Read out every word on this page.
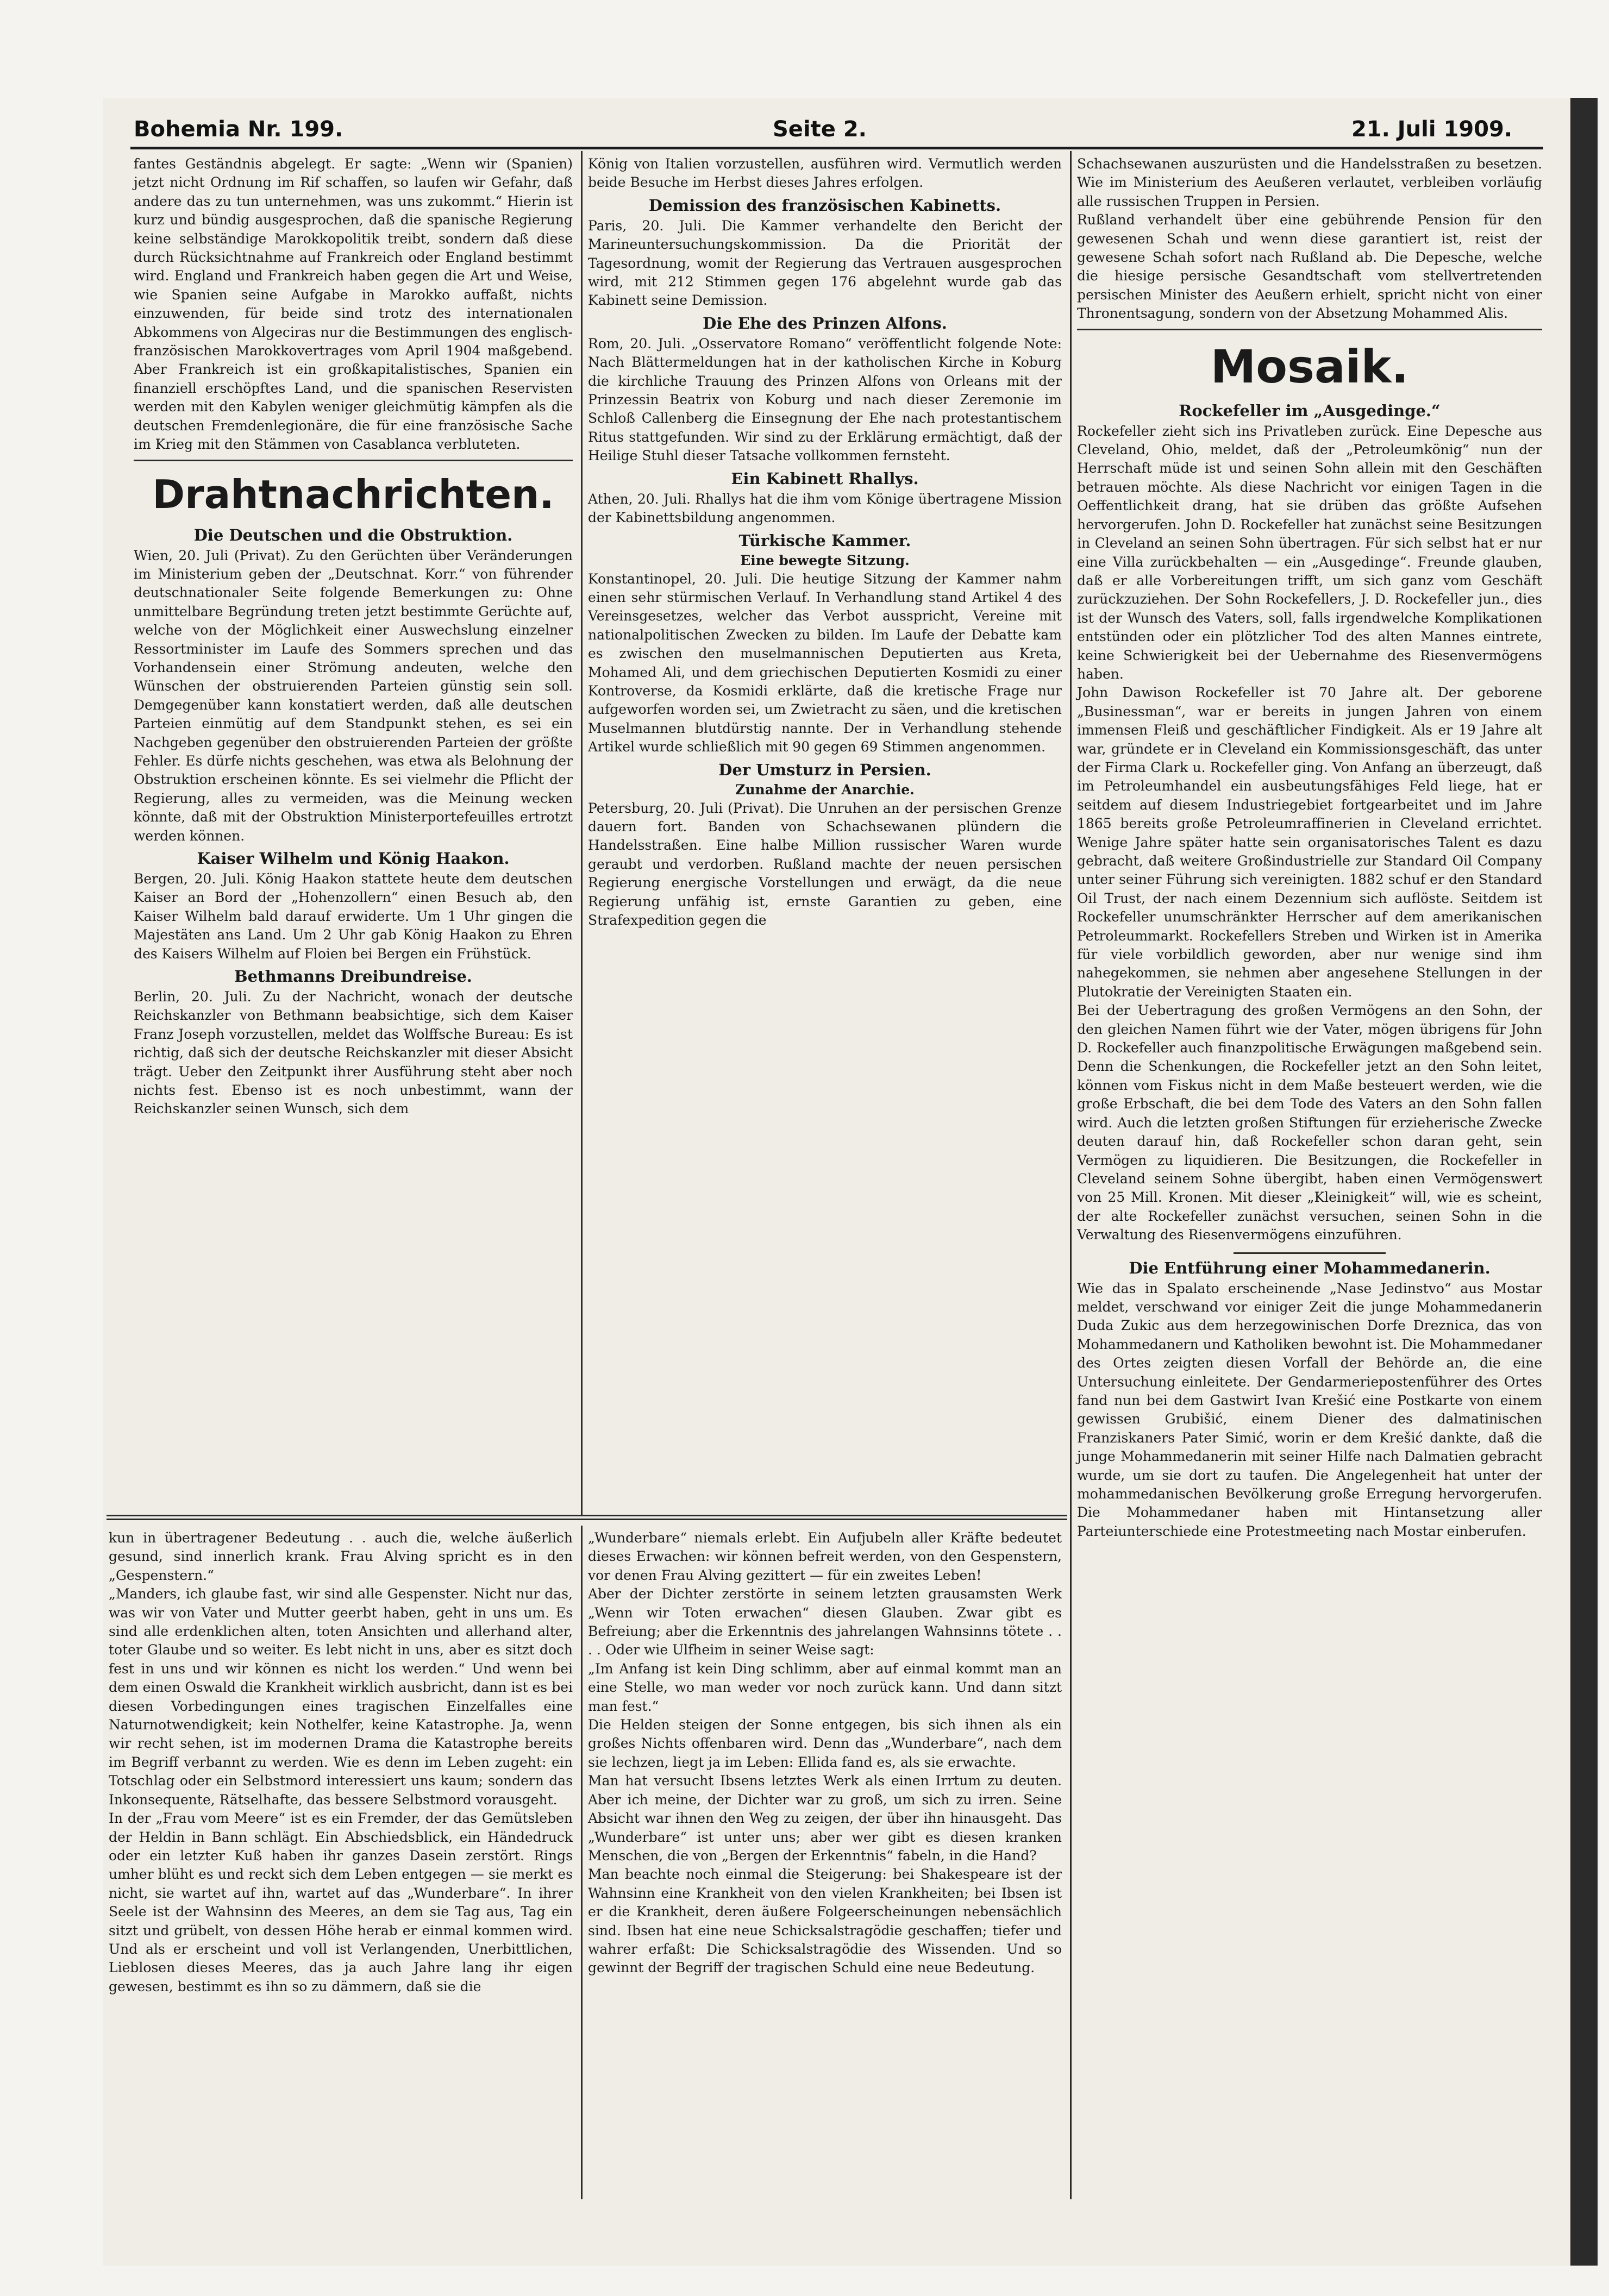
Bohemia Nr. 199.	Seite 2.	21. Juli 1909.

fantes Geständnis abgelegt. Er sagte: „Wenn wir (Spanien) jetzt nicht Ordnung im Rif schaffen, so laufen wir Gefahr, daß andere das zu tun unternehmen, was uns zukommt.“ Hierin ist kurz und bündig ausgesprochen, daß die spanische Regierung keine selbständige Marokkopolitik treibt, sondern daß diese durch Rücksichtnahme auf Frankreich oder England bestimmt wird. England und Frankreich haben gegen die Art und Weise, wie Spanien seine Aufgabe in Marokko auffaßt, nichts einzuwenden, für beide sind trotz des internationalen Abkommens von Algeciras nur die Bestimmungen des englisch-französischen Marokkovertrages vom April 1904 maßgebend. Aber Frankreich ist ein großkapitalistisches, Spanien ein finanziell erschöpftes Land, und die spanischen Reservisten werden mit den Kabylen weniger gleichmütig kämpfen als die deutschen Fremdenlegionäre, die für eine französische Sache im Krieg mit den Stämmen von Casablanca verbluteten.

Drahtnachrichten.
Die Deutschen und die Obstruktion.

Wien, 20. Juli (Privat). Zu den Gerüchten über Veränderungen im Ministerium geben der „Deutschnat. Korr.“ von führender deutschnationaler Seite folgende Bemerkungen zu: Ohne unmittelbare Begründung treten jetzt bestimmte Gerüchte auf, welche von der Möglichkeit einer Auswechslung einzelner Ressortminister im Laufe des Sommers sprechen und das Vorhandensein einer Strömung andeuten, welche den Wünschen der obstruierenden Parteien günstig sein soll. Demgegenüber kann konstatiert werden, daß alle deutschen Parteien einmütig auf dem Standpunkt stehen, es sei ein Nachgeben gegenüber den obstruierenden Parteien der größte Fehler. Es dürfe nichts geschehen, was etwa als Belohnung der Obstruktion erscheinen könnte. Es sei vielmehr die Pflicht der Regierung, alles zu vermeiden, was die Meinung wecken könnte, daß mit der Obstruktion Ministerportefeuilles ertrotzt werden können.

Kaiser Wilhelm und König Haakon.

Bergen, 20. Juli. König Haakon stattete heute dem deutschen Kaiser an Bord der „Hohenzollern“ einen Besuch ab, den Kaiser Wilhelm bald darauf erwiderte. Um 1 Uhr gingen die Majestäten ans Land. Um 2 Uhr gab König Haakon zu Ehren des Kaisers Wilhelm auf Floien bei Bergen ein Frühstück.

Bethmanns Dreibundreise.

Berlin, 20. Juli. Zu der Nachricht, wonach der deutsche Reichskanzler von Bethmann beabsichtige, sich dem Kaiser Franz Joseph vorzustellen, meldet das Wolffsche Bureau: Es ist richtig, daß sich der deutsche Reichskanzler mit dieser Absicht trägt. Ueber den Zeitpunkt ihrer Ausführung steht aber noch nichts fest. Ebenso ist es noch unbestimmt, wann der Reichskanzler seinen Wunsch, sich dem

König von Italien vorzustellen, ausführen wird. Vermutlich werden beide Besuche im Herbst dieses Jahres erfolgen.

Demission des französischen Kabinetts.

Paris, 20. Juli. Die Kammer verhandelte den Bericht der Marineuntersuchungskommission. Da die Priorität der Tagesordnung, womit der Regierung das Vertrauen ausgesprochen wird, mit 212 Stimmen gegen 176 abgelehnt wurde gab das Kabinett seine Demission.

Die Ehe des Prinzen Alfons.

Rom, 20. Juli. „Osservatore Romano“ veröffentlicht folgende Note: Nach Blättermeldungen hat in der katholischen Kirche in Koburg die kirchliche Trauung des Prinzen Alfons von Orleans mit der Prinzessin Beatrix von Koburg und nach dieser Zeremonie im Schloß Callenberg die Einsegnung der Ehe nach protestantischem Ritus stattgefunden. Wir sind zu der Erklärung ermächtigt, daß der Heilige Stuhl dieser Tatsache vollkommen fernsteht.

Ein Kabinett Rhallys.

Athen, 20. Juli. Rhallys hat die ihm vom Könige übertragene Mission der Kabinettsbildung angenommen.

Türkische Kammer.
Eine bewegte Sitzung.

Konstantinopel, 20. Juli. Die heutige Sitzung der Kammer nahm einen sehr stürmischen Verlauf. In Verhandlung stand Artikel 4 des Vereinsgesetzes, welcher das Verbot ausspricht, Vereine mit nationalpolitischen Zwecken zu bilden. Im Laufe der Debatte kam es zwischen den muselmannischen Deputierten aus Kreta, Mohamed Ali, und dem griechischen Deputierten Kosmidi zu einer Kontroverse, da Kosmidi erklärte, daß die kretische Frage nur aufgeworfen worden sei, um Zwietracht zu säen, und die kretischen Muselmannen blutdürstig nannte. Der in Verhandlung stehende Artikel wurde schließlich mit 90 gegen 69 Stimmen angenommen.

Der Umsturz in Persien.
Zunahme der Anarchie.

Petersburg, 20. Juli (Privat). Die Unruhen an der persischen Grenze dauern fort. Banden von Schachsewanen plündern die Handelsstraßen. Eine halbe Million russischer Waren wurde geraubt und verdorben. Rußland machte der neuen persischen Regierung energische Vorstellungen und erwägt, da die neue Regierung unfähig ist, ernste Garantien zu geben, eine Strafexpedition gegen die

Schachsewanen auszurüsten und die Handelsstraßen zu besetzen. Wie im Ministerium des Aeußeren verlautet, verbleiben vorläufig alle russischen Truppen in Persien.

Rußland verhandelt über eine gebührende Pension für den gewesenen Schah und wenn diese garantiert ist, reist der gewesene Schah sofort nach Rußland ab. Die Depesche, welche die hiesige persische Gesandtschaft vom stellvertretenden persischen Minister des Aeußern erhielt, spricht nicht von einer Thronentsagung, sondern von der Absetzung Mohammed Alis.

Mosaik.
Rockefeller im „Ausgedinge.“

Rockefeller zieht sich ins Privatleben zurück. Eine Depesche aus Cleveland, Ohio, meldet, daß der „Petroleumkönig“ nun der Herrschaft müde ist und seinen Sohn allein mit den Geschäften betrauen möchte. Als diese Nachricht vor einigen Tagen in die Oeffentlichkeit drang, hat sie drüben das größte Aufsehen hervorgerufen. John D. Rockefeller hat zunächst seine Besitzungen in Cleveland an seinen Sohn übertragen. Für sich selbst hat er nur eine Villa zurückbehalten — ein „Ausgedinge“. Freunde glauben, daß er alle Vorbereitungen trifft, um sich ganz vom Geschäft zurückzuziehen. Der Sohn Rockefellers, J. D. Rockefeller jun., dies ist der Wunsch des Vaters, soll, falls irgendwelche Komplikationen entstünden oder ein plötzlicher Tod des alten Mannes eintrete, keine Schwierigkeit bei der Uebernahme des Riesenvermögens haben.

John Dawison Rockefeller ist 70 Jahre alt. Der geborene „Businessman“, war er bereits in jungen Jahren von einem immensen Fleiß und geschäftlicher Findigkeit. Als er 19 Jahre alt war, gründete er in Cleveland ein Kommissionsgeschäft, das unter der Firma Clark u. Rockefeller ging. Von Anfang an überzeugt, daß im Petroleumhandel ein ausbeutungsfähiges Feld liege, hat er seitdem auf diesem Industriegebiet fortgearbeitet und im Jahre 1865 bereits große Petroleumraffinerien in Cleveland errichtet. Wenige Jahre später hatte sein organisatorisches Talent es dazu gebracht, daß weitere Großindustrielle zur Standard Oil Company unter seiner Führung sich vereinigten. 1882 schuf er den Standard Oil Trust, der nach einem Dezennium sich auflöste. Seitdem ist Rockefeller unumschränkter Herrscher auf dem amerikanischen Petroleummarkt. Rockefellers Streben und Wirken ist in Amerika für viele vorbildlich geworden, aber nur wenige sind ihm nahegekommen, sie nehmen aber angesehene Stellungen in der Plutokratie der Vereinigten Staaten ein.

Bei der Uebertragung des großen Vermögens an den Sohn, der den gleichen Namen führt wie der Vater, mögen übrigens für John D. Rockefeller auch finanzpolitische Erwägungen maßgebend sein. Denn die Schenkungen, die Rockefeller jetzt an den Sohn leitet, können vom Fiskus nicht in dem Maße besteuert werden, wie die große Erbschaft, die bei dem Tode des Vaters an den Sohn fallen wird. Auch die letzten großen Stiftungen für erzieherische Zwecke deuten darauf hin, daß Rockefeller schon daran geht, sein Vermögen zu liquidieren. Die Besitzungen, die Rockefeller in Cleveland seinem Sohne übergibt, haben einen Vermögenswert von 25 Mill. Kronen. Mit dieser „Kleinigkeit“ will, wie es scheint, der alte Rockefeller zunächst versuchen, seinen Sohn in die Verwaltung des Riesenvermögens einzuführen.

Die Entführung einer Mohammedanerin.

Wie das in Spalato erscheinende „Nase Jedinstvo“ aus Mostar meldet, verschwand vor einiger Zeit die junge Mohammedanerin Duda Zukic aus dem herzegowinischen Dorfe Dreznica, das von Mohammedanern und Katholiken bewohnt ist. Die Mohammedaner des Ortes zeigten diesen Vorfall der Behörde an, die eine Untersuchung einleitete. Der Gendarmeriepostenführer des Ortes fand nun bei dem Gastwirt Ivan Krešić eine Postkarte von einem gewissen Grubišić, einem Diener des dalmatinischen Franziskaners Pater Simić, worin er dem Krešić dankte, daß die junge Mohammedanerin mit seiner Hilfe nach Dalmatien gebracht wurde, um sie dort zu taufen. Die Angelegenheit hat unter der mohammedanischen Bevölkerung große Erregung hervorgerufen. Die Mohammedaner haben mit Hintansetzung aller Parteiunterschiede eine Protestmeeting nach Mostar einberufen.

kun in übertragener Bedeutung . . auch die, welche äußerlich gesund, sind innerlich krank. Frau Alving spricht es in den „Gespenstern.“

„Manders, ich glaube fast, wir sind alle Gespenster. Nicht nur das, was wir von Vater und Mutter geerbt haben, geht in uns um. Es sind alle erdenklichen alten, toten Ansichten und allerhand alter, toter Glaube und so weiter. Es lebt nicht in uns, aber es sitzt doch fest in uns und wir können es nicht los werden.“ Und wenn bei dem einen Oswald die Krankheit wirklich ausbricht, dann ist es bei diesen Vorbedingungen eines tragischen Einzelfalles eine Naturnotwendigkeit; kein Nothelfer, keine Katastrophe. Ja, wenn wir recht sehen, ist im modernen Drama die Katastrophe bereits im Begriff verbannt zu werden. Wie es denn im Leben zugeht: ein Totschlag oder ein Selbstmord interessiert uns kaum; sondern das Inkonsequente, Rätselhafte, das bessere Selbstmord vorausgeht.

In der „Frau vom Meere“ ist es ein Fremder, der das Gemütsleben der Heldin in Bann schlägt. Ein Abschiedsblick, ein Händedruck oder ein letzter Kuß haben ihr ganzes Dasein zerstört. Rings umher blüht es und reckt sich dem Leben entgegen — sie merkt es nicht, sie wartet auf ihn, wartet auf das „Wunderbare“. In ihrer Seele ist der Wahnsinn des Meeres, an dem sie Tag aus, Tag ein sitzt und grübelt, von dessen Höhe herab er einmal kommen wird. Und als er erscheint und voll ist Verlangenden, Unerbittlichen, Lieblosen dieses Meeres, das ja auch Jahre lang ihr eigen gewesen, bestimmt es ihn so zu dämmern, daß sie die

„Wunderbare“ niemals erlebt. Ein Aufjubeln aller Kräfte bedeutet dieses Erwachen: wir können befreit werden, von den Gespenstern, vor denen Frau Alving gezittert — für ein zweites Leben!

Aber der Dichter zerstörte in seinem letzten grausamsten Werk „Wenn wir Toten erwachen“ diesen Glauben. Zwar gibt es Befreiung; aber die Erkenntnis des jahrelangen Wahnsinns tötete . . . . Oder wie Ulfheim in seiner Weise sagt:

„Im Anfang ist kein Ding schlimm, aber auf einmal kommt man an eine Stelle, wo man weder vor noch zurück kann. Und dann sitzt man fest.“

Die Helden steigen der Sonne entgegen, bis sich ihnen als ein großes Nichts offenbaren wird. Denn das „Wunderbare“, nach dem sie lechzen, liegt ja im Leben: Ellida fand es, als sie erwachte.

Man hat versucht Ibsens letztes Werk als einen Irrtum zu deuten. Aber ich meine, der Dichter war zu groß, um sich zu irren. Seine Absicht war ihnen den Weg zu zeigen, der über ihn hinausgeht. Das „Wunderbare“ ist unter uns; aber wer gibt es diesen kranken Menschen, die von „Bergen der Erkenntnis“ fabeln, in die Hand?

Man beachte noch einmal die Steigerung: bei Shakespeare ist der Wahnsinn eine Krankheit von den vielen Krankheiten; bei Ibsen ist er die Krankheit, deren äußere Folgeerscheinungen nebensächlich sind. Ibsen hat eine neue Schicksalstragödie geschaffen; tiefer und wahrer erfaßt: Die Schicksalstragödie des Wissenden. Und so gewinnt der Begriff der tragischen Schuld eine neue Bedeutung.
